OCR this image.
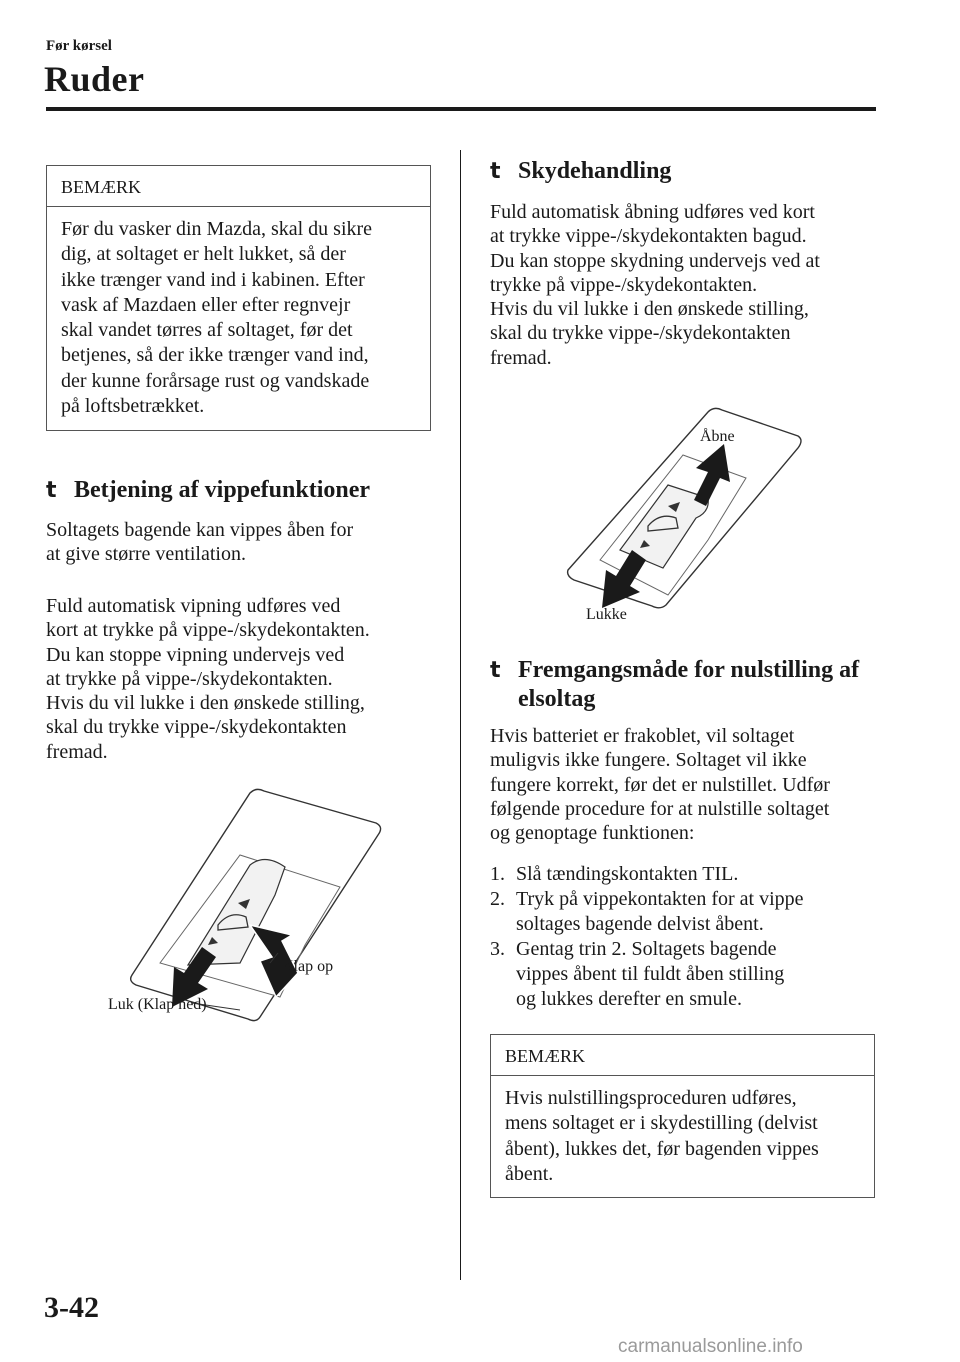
Før kørsel
Ruder
BEMÆRK
Før du vasker din Mazda, skal du sikre
dig, at soltaget er helt lukket, så der
ikke trænger vand ind i kabinen. Efter
vask af Mazdaen eller efter regnvejr
skal vandet tørres af soltaget, før det
betjenes, så der ikke trænger vand ind,
der kunne forårsage rust og vandskade
på loftsbetrækket.
t Betjening af vippefunktioner

Soltagets bagende kan vippes åben for
at give større ventilation.

Fuld automatisk vipning udføres ved
kort at trykke på vippe-/skydekontakten.
Du kan stoppe vipning undervejs ved
at trykke på vippe-/skydekontakten.
Hvis du vil lukke i den ønskede stilling,
skal du trykke vippe-/skydekontakten
fremad.

Klap op
Luk (Klap ned)
t Skydehandling

Fuld automatisk åbning udføres ved kort
at trykke vippe-/skydekontakten bagud.
Du kan stoppe skydning undervejs ved at
trykke på vippe-/skydekontakten.
Hvis du vil lukke i den ønskede stilling,
skal du trykke vippe-/skydekontakten
fremad.

Åbne
Lukke
t Fremgangsmåde for nulstilling af
elsoltag

Hvis batteriet er frakoblet, vil soltaget
muligvis ikke fungere. Soltaget vil ikke
fungere korrekt, før det er nulstillet. Udfør
følgende procedure for at nulstille soltaget
og genoptage funktionen:

1. Slå tændingskontakten TIL.
2. Tryk på vippekontakten for at vippe
soltages bagende delvist åbent.
3. Gentag trin 2. Soltagets bagende
vippes åbent til fuldt åben stilling
og lukkes derefter en smule.
BEMÆRK
Hvis nulstillingsproceduren udføres,
mens soltaget er i skydestilling (delvist
åbent), lukkes det, før bagenden vippes
åbent.
3-42
carmanualsonline.info
